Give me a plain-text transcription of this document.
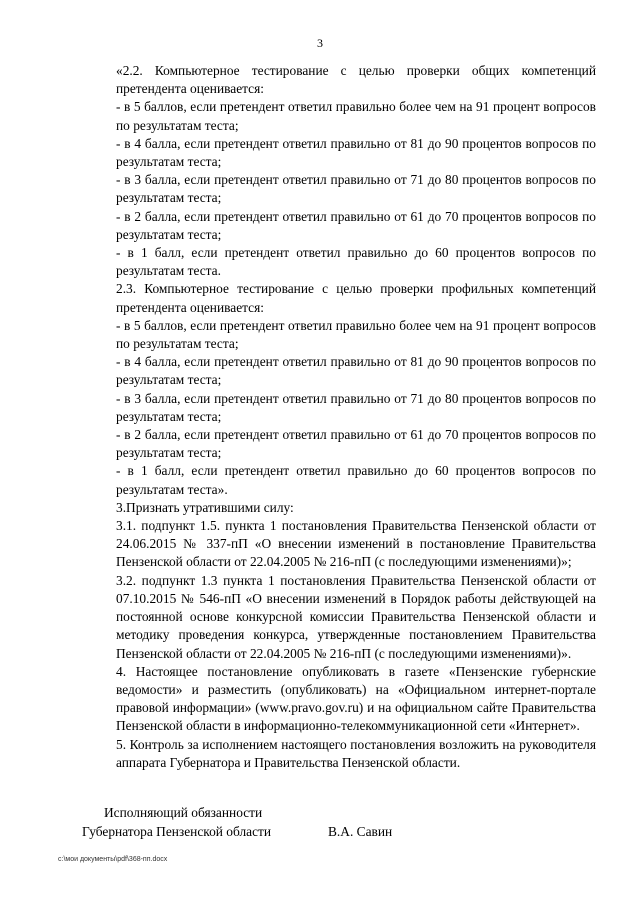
3

«2.2. Компьютерное тестирование с целью проверки общих компетенций претендента оценивается:

- в 5 баллов, если претендент ответил правильно более чем на 91 процент вопросов по результатам теста;

- в 4 балла, если претендент ответил правильно от 81 до 90 процентов вопросов по результатам теста;

- в 3 балла, если претендент ответил правильно от 71 до 80 процентов вопросов по результатам теста;

- в 2 балла, если претендент ответил правильно от 61 до 70 процентов вопросов по результатам теста;

- в 1 балл, если претендент ответил правильно до 60 процентов вопросов по результатам теста.

2.3. Компьютерное тестирование с целью проверки профильных компетенций претендента оценивается:

- в 5 баллов, если претендент ответил правильно более чем на 91 процент вопросов по результатам теста;

- в 4 балла, если претендент ответил правильно от 81 до 90 процентов вопросов по результатам теста;

- в 3 балла, если претендент ответил правильно от 71 до 80 процентов вопросов по результатам теста;

- в 2 балла, если претендент ответил правильно от 61 до 70 процентов вопросов по результатам теста;

- в 1 балл, если претендент ответил правильно до 60 процентов вопросов по результатам теста».

3.Признать утратившими силу:

3.1. подпункт 1.5. пункта 1 постановления Правительства Пензенской области от 24.06.2015 № 337-пП «О внесении изменений в постановление Правительства Пензенской области от 22.04.2005 № 216-пП (с последующими изменениями)»;

3.2. подпункт 1.3 пункта 1 постановления Правительства Пензенской области от 07.10.2015 № 546-пП «О внесении изменений в Порядок работы действующей на постоянной основе конкурсной комиссии Правительства Пензенской области и методику проведения конкурса, утвержденные постановлением Правительства Пензенской области от 22.04.2005 № 216-пП (с последующими изменениями)».

4. Настоящее постановление опубликовать в газете «Пензенские губернские ведомости» и разместить (опубликовать) на «Официальном интернет-портале правовой информации» (www.pravo.gov.ru) и на официальном сайте Правительства Пензенской области в информационно-телекоммуникационной сети «Интернет».

5. Контроль за исполнением настоящего постановления возложить на руководителя аппарата Губернатора и Правительства Пензенской области.

Исполняющий обязанности
Губернатора Пензенской области	В.А. Савин
c:\мои документы\pdf\368-пп.docx
